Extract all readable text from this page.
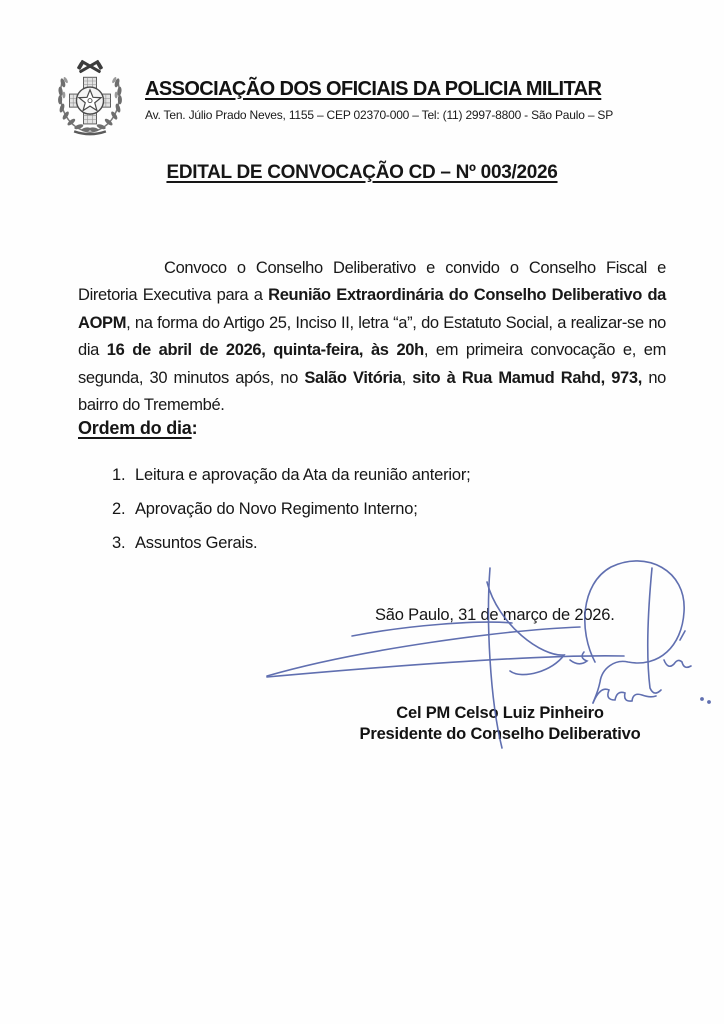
ASSOCIAÇÃO DOS OFICIAIS DA POLICIA MILITAR
Av. Ten. Júlio Prado Neves, 1155 – CEP 02370-000 – Tel: (11) 2997-8800 - São Paulo – SP
EDITAL DE CONVOCAÇÃO CD – Nº 003/2026

Convoco o Conselho Deliberativo e convido o Conselho Fiscal e Diretoria Executiva para a Reunião Extraordinária do Conselho Deliberativo da AOPM, na forma do Artigo 25, Inciso II, letra “a”, do Estatuto Social, a realizar-se no dia 16 de abril de 2026, quinta-feira, às 20h, em primeira convocação e, em segunda, 30 minutos após, no Salão Vitória, sito à Rua Mamud Rahd, 973, no bairro do Tremembé.

Ordem do dia:
1. Leitura e aprovação da Ata da reunião anterior;
2. Aprovação do Novo Regimento Interno;
3. Assuntos Gerais.
São Paulo, 31 de março de 2026.
Cel PM Celso Luiz Pinheiro
Presidente do Conselho Deliberativo
